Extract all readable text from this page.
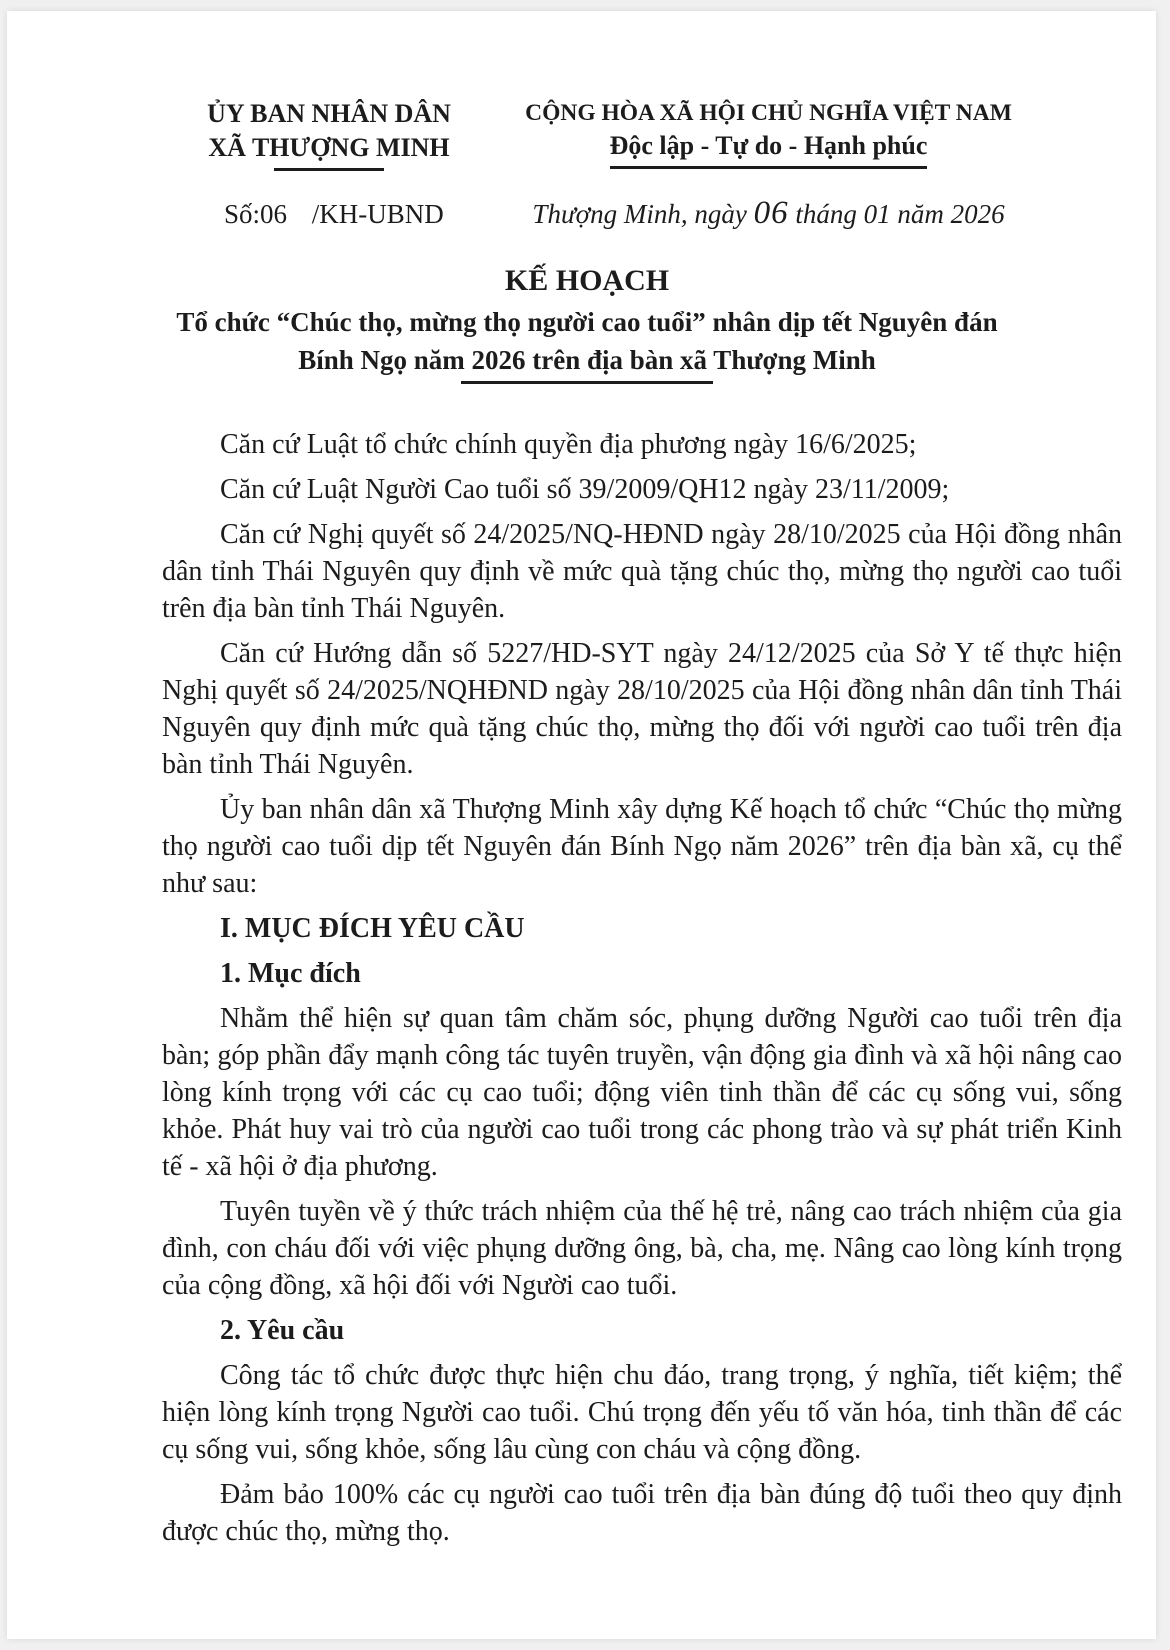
ỦY BAN NHÂN DÂN
XÃ THƯỢNG MINH
CỘNG HÒA XÃ HỘI CHỦ NGHĨA VIỆT NAM
Độc lập - Tự do - Hạnh phúc
Số:06 /KH-UBND	Thượng Minh, ngày 06 tháng 01 năm 2026
KẾ HOẠCH
Tổ chức “Chúc thọ, mừng thọ người cao tuổi” nhân dịp tết Nguyên đán
Bính Ngọ năm 2026 trên địa bàn xã Thượng Minh

Căn cứ Luật tổ chức chính quyền địa phương ngày 16/6/2025;

Căn cứ Luật Người Cao tuổi số 39/2009/QH12 ngày 23/11/2009;

Căn cứ Nghị quyết số 24/2025/NQ-HĐND ngày 28/10/2025 của Hội đồng nhân dân tỉnh Thái Nguyên quy định về mức quà tặng chúc thọ, mừng thọ người cao tuổi trên địa bàn tỉnh Thái Nguyên.

Căn cứ Hướng dẫn số 5227/HD-SYT ngày 24/12/2025 của Sở Y tế thực hiện Nghị quyết số 24/2025/NQHĐND ngày 28/10/2025 của Hội đồng nhân dân tỉnh Thái Nguyên quy định mức quà tặng chúc thọ, mừng thọ đối với người cao tuổi trên địa bàn tỉnh Thái Nguyên.

Ủy ban nhân dân xã Thượng Minh xây dựng Kế hoạch tổ chức “Chúc thọ mừng thọ người cao tuổi dịp tết Nguyên đán Bính Ngọ năm 2026” trên địa bàn xã, cụ thể như sau:

I. MỤC ĐÍCH YÊU CẦU
1. Mục đích

Nhằm thể hiện sự quan tâm chăm sóc, phụng dưỡng Người cao tuổi trên địa bàn; góp phần đẩy mạnh công tác tuyên truyền, vận động gia đình và xã hội nâng cao lòng kính trọng với các cụ cao tuổi; động viên tinh thần để các cụ sống vui, sống khỏe. Phát huy vai trò của người cao tuổi trong các phong trào và sự phát triển Kinh tế - xã hội ở địa phương.

Tuyên tuyền về ý thức trách nhiệm của thế hệ trẻ, nâng cao trách nhiệm của gia đình, con cháu đối với việc phụng dưỡng ông, bà, cha, mẹ. Nâng cao lòng kính trọng của cộng đồng, xã hội đối với Người cao tuổi.

2. Yêu cầu

Công tác tổ chức được thực hiện chu đáo, trang trọng, ý nghĩa, tiết kiệm; thể hiện lòng kính trọng Người cao tuổi. Chú trọng đến yếu tố văn hóa, tinh thần để các cụ sống vui, sống khỏe, sống lâu cùng con cháu và cộng đồng.

Đảm bảo 100% các cụ người cao tuổi trên địa bàn đúng độ tuổi theo quy định được chúc thọ, mừng thọ.
